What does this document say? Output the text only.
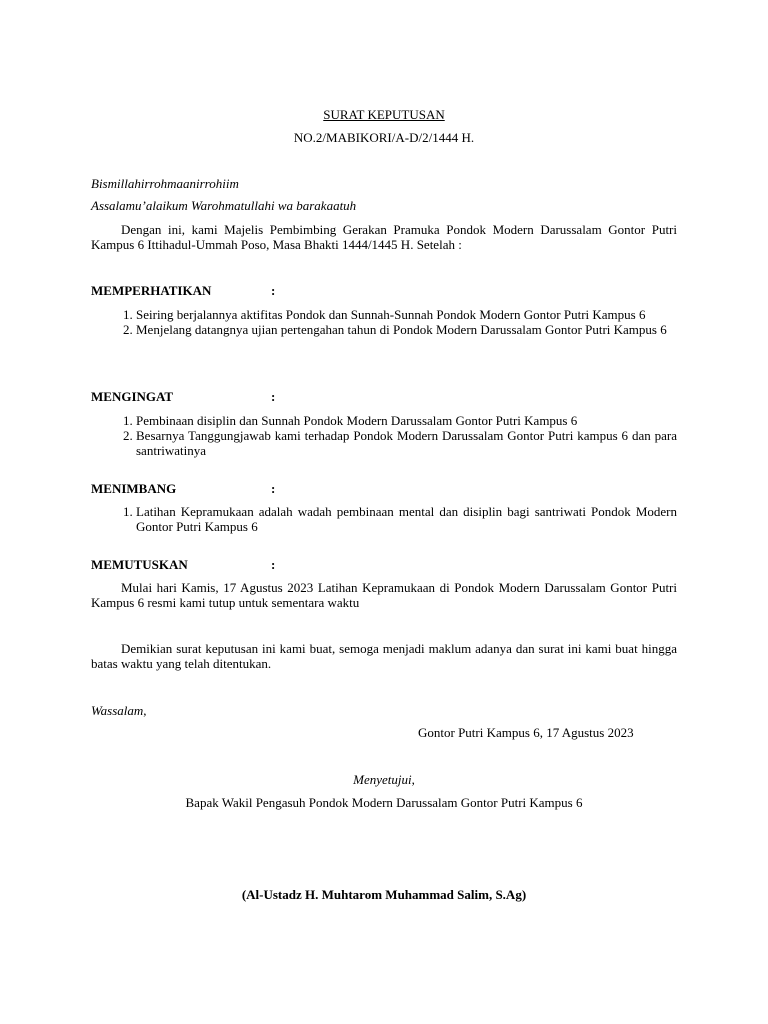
SURAT KEPUTUSAN

NO.2/MABIKORI/A-D/2/1444 H.

Bismillahirrohmaanirrohiim

Assalamu’alaikum Warohmatullahi wa barakaatuh

Dengan ini, kami Majelis Pembimbing Gerakan Pramuka Pondok Modern Darussalam Gontor Putri Kampus 6 Ittihadul-Ummah Poso, Masa Bhakti 1444/1445 H. Setelah :

MEMPERHATIKAN	:
1. Seiring berjalannya aktifitas Pondok dan Sunnah-Sunnah Pondok Modern Gontor Putri Kampus 6
2. Menjelang datangnya ujian pertengahan tahun di Pondok Modern Darussalam Gontor Putri Kampus 6
MENGINGAT	:
1. Pembinaan disiplin dan Sunnah Pondok Modern Darussalam Gontor Putri Kampus 6
2. Besarnya Tanggungjawab kami terhadap Pondok Modern Darussalam Gontor Putri kampus 6 dan para santriwatinya
MENIMBANG	:
1. Latihan Kepramukaan adalah wadah pembinaan mental dan disiplin bagi santriwati Pondok Modern Gontor Putri Kampus 6
MEMUTUSKAN	:

Mulai hari Kamis, 17 Agustus 2023 Latihan Kepramukaan di Pondok Modern Darussalam Gontor Putri Kampus 6 resmi kami tutup untuk sementara waktu

Demikian surat keputusan ini kami buat, semoga menjadi maklum adanya dan surat ini kami buat hingga batas waktu yang telah ditentukan.

Wassalam,

Gontor Putri Kampus 6, 17 Agustus 2023

Menyetujui,

Bapak Wakil Pengasuh Pondok Modern Darussalam Gontor Putri Kampus 6

(Al-Ustadz H. Muhtarom Muhammad Salim, S.Ag)
